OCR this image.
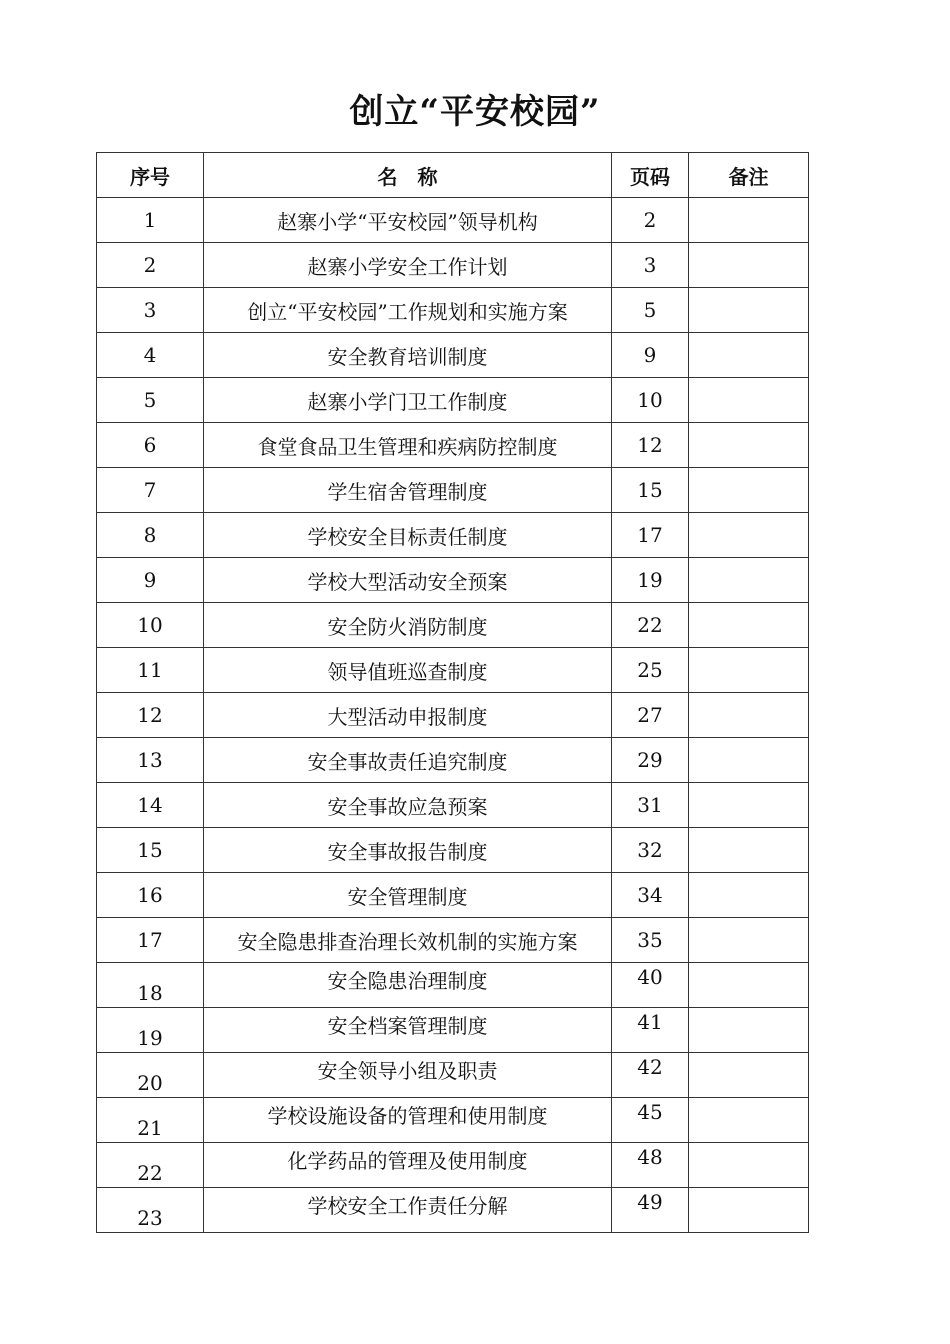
创立“平安校园”
序号	名　称	页码	备注
1	赵寨小学“平安校园”领导机构	2	
2	赵寨小学安全工作计划	3	
3	创立“平安校园”工作规划和实施方案	5	
4	安全教育培训制度	9	
5	赵寨小学门卫工作制度	10	
6	食堂食品卫生管理和疾病防控制度	12	
7	学生宿舍管理制度	15	
8	学校安全目标责任制度	17	
9	学校大型活动安全预案	19	
10	安全防火消防制度	22	
11	领导值班巡查制度	25	
12	大型活动申报制度	27	
13	安全事故责任追究制度	29	
14	安全事故应急预案	31	
15	安全事故报告制度	32	
16	安全管理制度	34	
17	安全隐患排查治理长效机制的实施方案	35	
18	安全隐患治理制度	40	
19	安全档案管理制度	41	
20	安全领导小组及职责	42	
21	学校设施设备的管理和使用制度	45	
22	化学药品的管理及使用制度	48	
23	学校安全工作责任分解	49	
